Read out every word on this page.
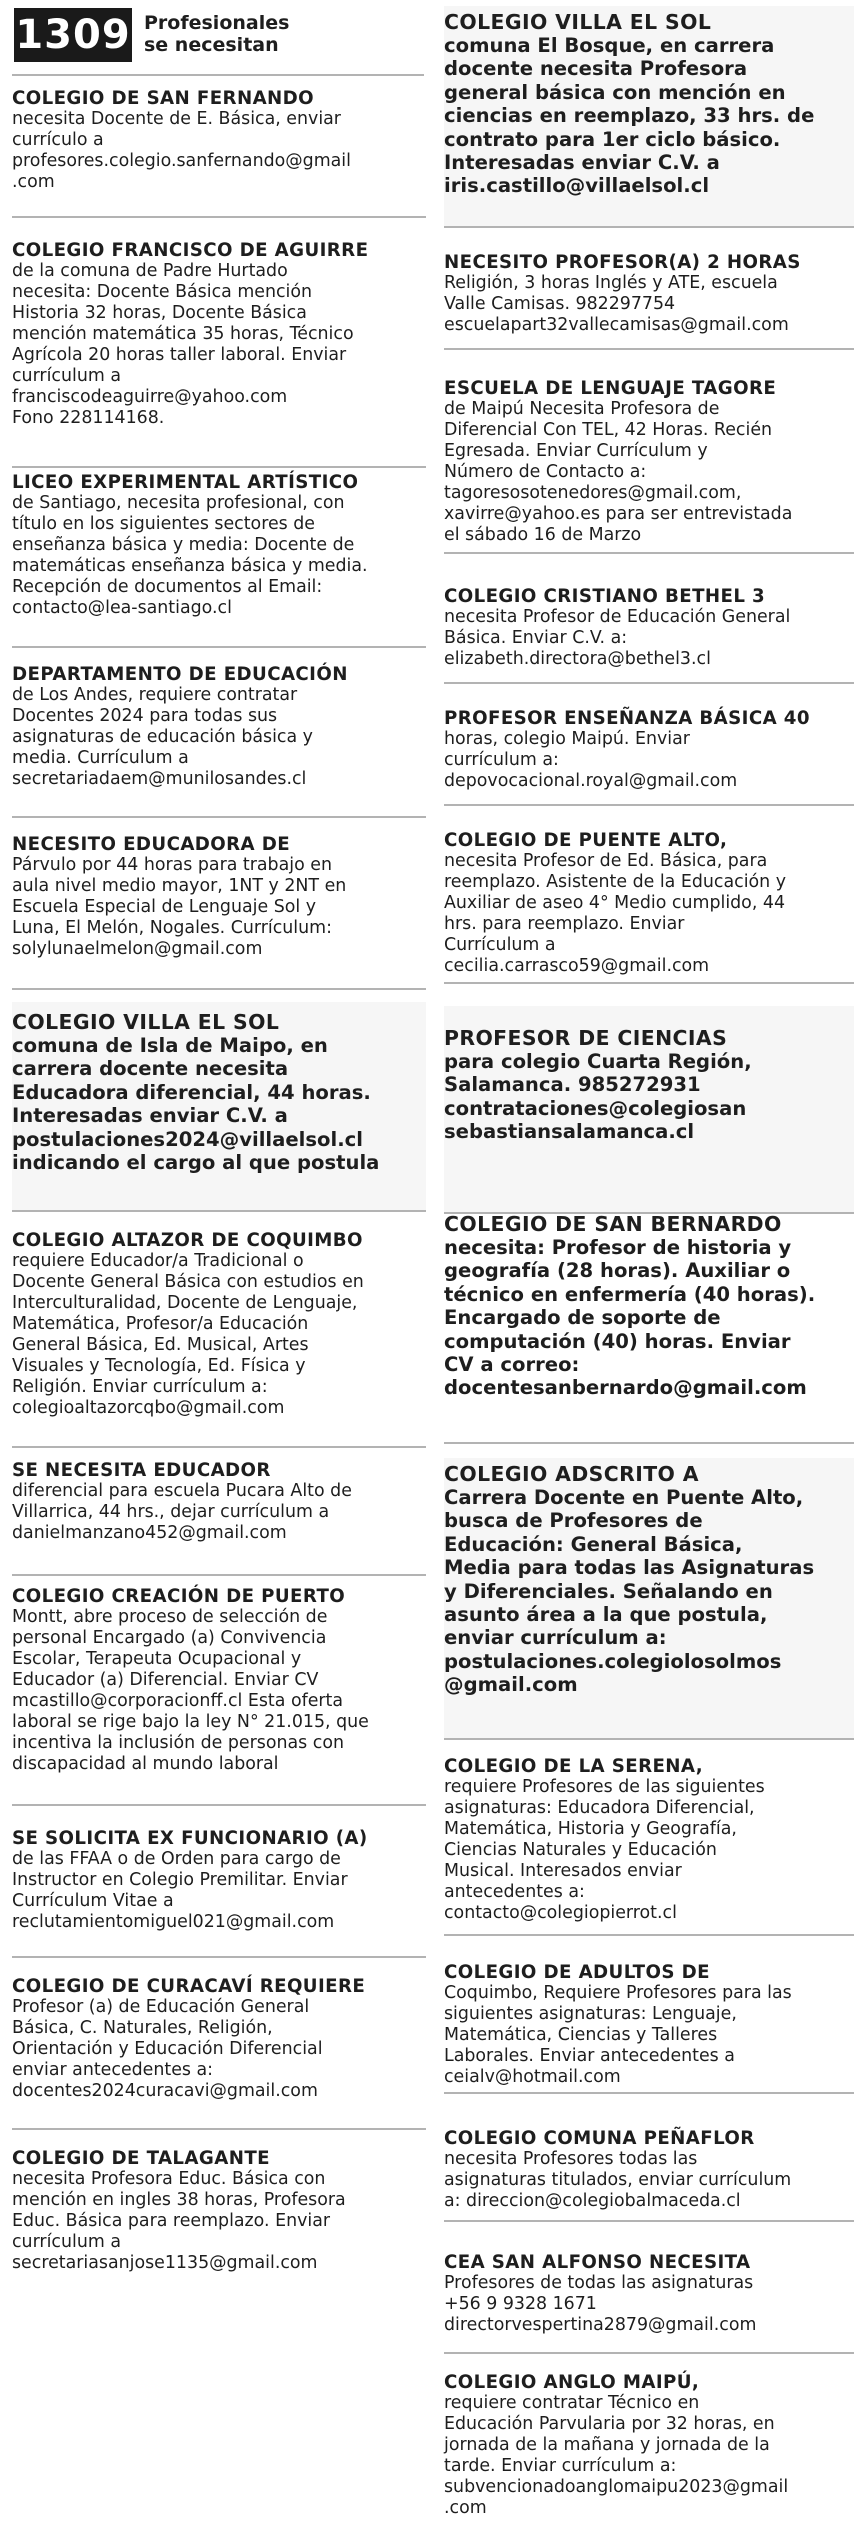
1309 Profesionales
se necesitan

COLEGIO DE SAN FERNANDO

necesita Docente de E. Básica, enviar
currículo a
profesores.colegio.sanfernando@gmail
.com

COLEGIO FRANCISCO DE AGUIRRE

de la comuna de Padre Hurtado
necesita: Docente Básica mención
Historia 32 horas, Docente Básica
mención matemática 35 horas, Técnico
Agrícola 20 horas taller laboral. Enviar
currículum a
franciscodeaguirre@yahoo.com
Fono 228114168.

LICEO EXPERIMENTAL ARTÍSTICO

de Santiago, necesita profesional, con
título en los siguientes sectores de
enseñanza básica y media: Docente de
matemáticas enseñanza básica y media.
Recepción de documentos al Email:
contacto@lea-santiago.cl

DEPARTAMENTO DE EDUCACIÓN

de Los Andes, requiere contratar
Docentes 2024 para todas sus
asignaturas de educación básica y
media. Currículum a
secretariadaem@munilosandes.cl

NECESITO EDUCADORA DE

Párvulo por 44 horas para trabajo en
aula nivel medio mayor, 1NT y 2NT en
Escuela Especial de Lenguaje Sol y
Luna, El Melón, Nogales. Currículum:
solylunaelmelon@gmail.com

COLEGIO VILLA EL SOL

comuna de Isla de Maipo, en
carrera docente necesita
Educadora diferencial, 44 horas.
Interesadas enviar C.V. a
postulaciones2024@villaelsol.cl
indicando el cargo al que postula

COLEGIO ALTAZOR DE COQUIMBO

requiere Educador/a Tradicional o
Docente General Básica con estudios en
Interculturalidad, Docente de Lenguaje,
Matemática, Profesor/a Educación
General Básica, Ed. Musical, Artes
Visuales y Tecnología, Ed. Física y
Religión. Enviar currículum a:
colegioaltazorcqbo@gmail.com

SE NECESITA EDUCADOR

diferencial para escuela Pucara Alto de
Villarrica, 44 hrs., dejar currículum a
danielmanzano452@gmail.com

COLEGIO CREACIÓN DE PUERTO

Montt, abre proceso de selección de
personal Encargado (a) Convivencia
Escolar, Terapeuta Ocupacional y
Educador (a) Diferencial. Enviar CV
mcastillo@corporacionff.cl Esta oferta
laboral se rige bajo la ley N° 21.015, que
incentiva la inclusión de personas con
discapacidad al mundo laboral

SE SOLICITA EX FUNCIONARIO (A)

de las FFAA o de Orden para cargo de
Instructor en Colegio Premilitar. Enviar
Currículum Vitae a
reclutamientomiguel021@gmail.com

COLEGIO DE CURACAVÍ REQUIERE

Profesor (a) de Educación General
Básica, C. Naturales, Religión,
Orientación y Educación Diferencial
enviar antecedentes a:
docentes2024curacavi@gmail.com

COLEGIO DE TALAGANTE

necesita Profesora Educ. Básica con
mención en ingles 38 horas, Profesora
Educ. Básica para reemplazo. Enviar
currículum a
secretariasanjose1135@gmail.com

COLEGIO VILLA EL SOL

comuna El Bosque, en carrera
docente necesita Profesora
general básica con mención en
ciencias en reemplazo, 33 hrs. de
contrato para 1er ciclo básico.
Interesadas enviar C.V. a
iris.castillo@villaelsol.cl

NECESITO PROFESOR(A) 2 HORAS

Religión, 3 horas Inglés y ATE, escuela
Valle Camisas. 982297754
escuelapart32vallecamisas@gmail.com

ESCUELA DE LENGUAJE TAGORE

de Maipú Necesita Profesora de
Diferencial Con TEL, 42 Horas. Recién
Egresada. Enviar Currículum y
Número de Contacto a:
tagoresosotenedores@gmail.com,
xavirre@yahoo.es para ser entrevistada
el sábado 16 de Marzo

COLEGIO CRISTIANO BETHEL 3

necesita Profesor de Educación General
Básica. Enviar C.V. a:
elizabeth.directora@bethel3.cl

PROFESOR ENSEÑANZA BÁSICA 40

horas, colegio Maipú. Enviar
currículum a:
depovocacional.royal@gmail.com

COLEGIO DE PUENTE ALTO,

necesita Profesor de Ed. Básica, para
reemplazo. Asistente de la Educación y
Auxiliar de aseo 4° Medio cumplido, 44
hrs. para reemplazo. Enviar
Currículum a
cecilia.carrasco59@gmail.com

PROFESOR DE CIENCIAS

para colegio Cuarta Región,
Salamanca. 985272931
contrataciones@colegiosan
sebastiansalamanca.cl

COLEGIO DE SAN BERNARDO

necesita: Profesor de historia y
geografía (28 horas). Auxiliar o
técnico en enfermería (40 horas).
Encargado de soporte de
computación (40) horas. Enviar
CV a correo:
docentesanbernardo@gmail.com

COLEGIO ADSCRITO A

Carrera Docente en Puente Alto,
busca de Profesores de
Educación: General Básica,
Media para todas las Asignaturas
y Diferenciales. Señalando en
asunto área a la que postula,
enviar currículum a:
postulaciones.colegiolosolmos
@gmail.com

COLEGIO DE LA SERENA,

requiere Profesores de las siguientes
asignaturas: Educadora Diferencial,
Matemática, Historia y Geografía,
Ciencias Naturales y Educación
Musical. Interesados enviar
antecedentes a:
contacto@colegiopierrot.cl

COLEGIO DE ADULTOS DE

Coquimbo, Requiere Profesores para las
siguientes asignaturas: Lenguaje,
Matemática, Ciencias y Talleres
Laborales. Enviar antecedentes a
ceialv@hotmail.com

COLEGIO COMUNA PEÑAFLOR

necesita Profesores todas las
asignaturas titulados, enviar currículum
a: direccion@colegiobalmaceda.cl

CEA SAN ALFONSO NECESITA

Profesores de todas las asignaturas
+56 9 9328 1671
directorvespertina2879@gmail.com

COLEGIO ANGLO MAIPÚ,

requiere contratar Técnico en
Educación Parvularia por 32 horas, en
jornada de la mañana y jornada de la
tarde. Enviar currículum a:
subvencionadoanglomaipu2023@gmail
.com
